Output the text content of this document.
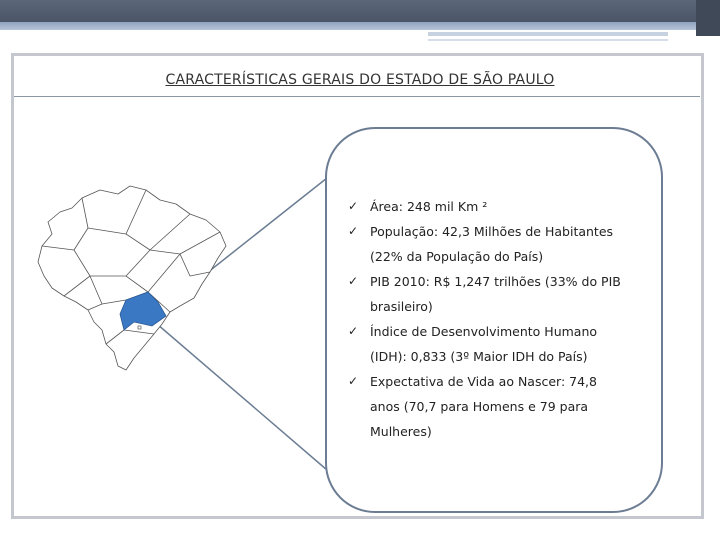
CARACTERÍSTICAS GERAIS DO ESTADO DE SÃO PAULO
✓ Área: 248 mil Km ²
✓ População: 42,3 Milhões de Habitantes
(22% da População do País)
✓ PIB 2010: R$ 1,247 trilhões (33% do PIB
brasileiro)
✓ Índice de Desenvolvimento Humano
(IDH): 0,833 (3º Maior IDH do País)
✓ Expectativa de Vida ao Nascer: 74,8
anos (70,7 para Homens e 79 para
Mulheres)
